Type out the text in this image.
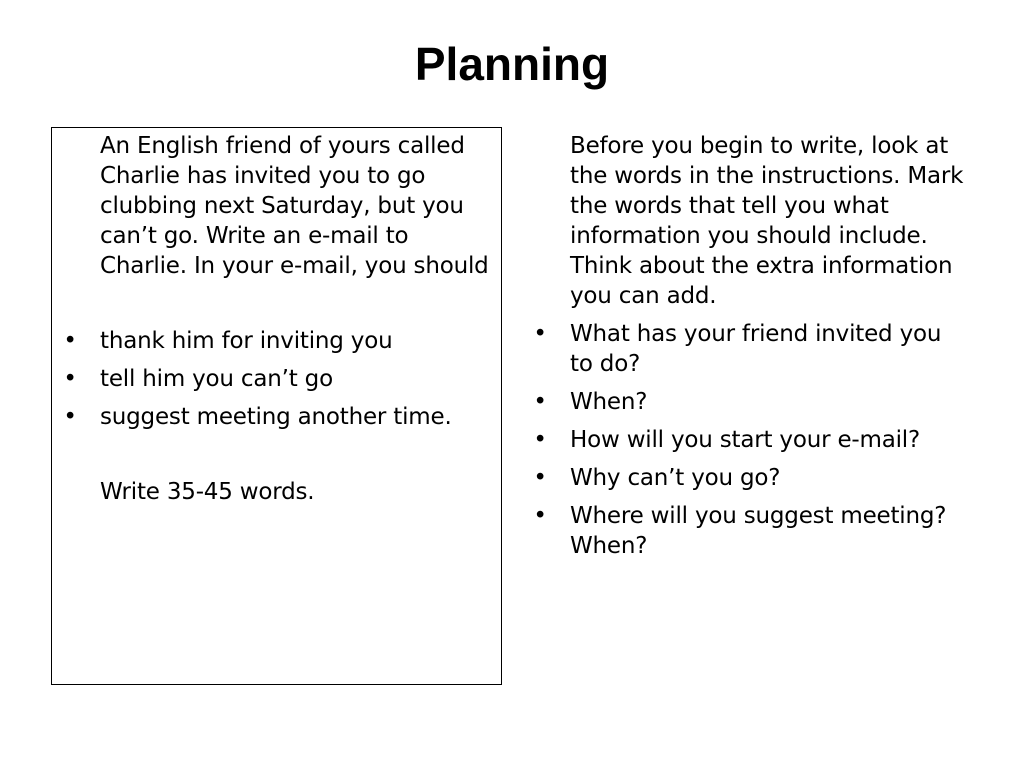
Planning

An English friend of yours called Charlie has invited you to go clubbing next Saturday, but you can’t go. Write an e-mail to Charlie. In your e-mail, you should

• thank him for inviting you
• tell him you can’t go
• suggest meeting another time.

Write 35-45 words.

Before you begin to write, look at the words in the instructions. Mark the words that tell you what information you should include. Think about the extra information you can add.

• What has your friend invited you to do?
• When?
• How will you start your e-mail?
• Why can’t you go?
• Where will you suggest meeting? When?
